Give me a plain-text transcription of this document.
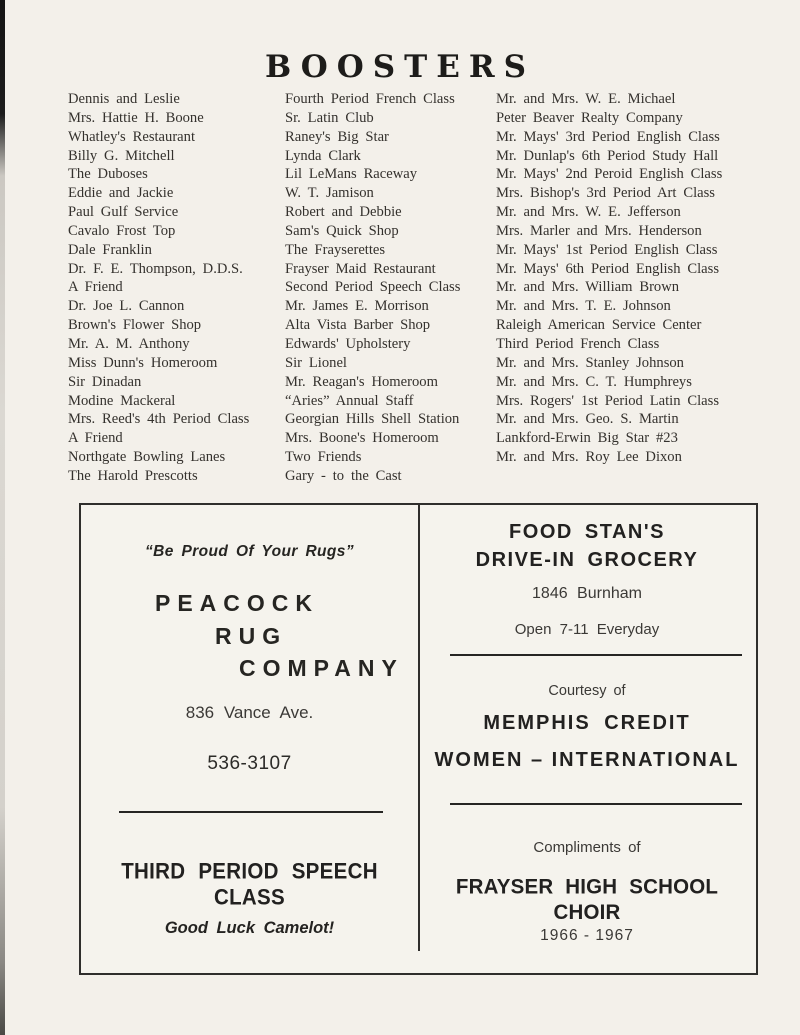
BOOSTERS
Dennis and Leslie
Mrs. Hattie H. Boone
Whatley's Restaurant
Billy G. Mitchell
The Duboses
Eddie and Jackie
Paul Gulf Service
Cavalo Frost Top
Dale Franklin
Dr. F. E. Thompson, D.D.S.
A Friend
Dr. Joe L. Cannon
Brown's Flower Shop
Mr. A. M. Anthony
Miss Dunn's Homeroom
Sir Dinadan
Modine Mackeral
Mrs. Reed's 4th Period Class
A Friend
Northgate Bowling Lanes
The Harold Prescotts
Fourth Period French Class
Sr. Latin Club
Raney's Big Star
Lynda Clark
Lil LeMans Raceway
W. T. Jamison
Robert and Debbie
Sam's Quick Shop
The Frayserettes
Frayser Maid Restaurant
Second Period Speech Class
Mr. James E. Morrison
Alta Vista Barber Shop
Edwards' Upholstery
Sir Lionel
Mr. Reagan's Homeroom
“Aries” Annual Staff
Georgian Hills Shell Station
Mrs. Boone's Homeroom
Two Friends
Gary - to the Cast
Mr. and Mrs. W. E. Michael
Peter Beaver Realty Company
Mr. Mays' 3rd Period English Class
Mr. Dunlap's 6th Period Study Hall
Mr. Mays' 2nd Peroid English Class
Mrs. Bishop's 3rd Period Art Class
Mr. and Mrs. W. E. Jefferson
Mrs. Marler and Mrs. Henderson
Mr. Mays' 1st Period English Class
Mr. Mays' 6th Period English Class
Mr. and Mrs. William Brown
Mr. and Mrs. T. E. Johnson
Raleigh American Service Center
Third Period French Class
Mr. and Mrs. Stanley Johnson
Mr. and Mrs. C. T. Humphreys
Mrs. Rogers' 1st Period Latin Class
Mr. and Mrs. Geo. S. Martin
Lankford-Erwin Big Star #23
Mr. and Mrs. Roy Lee Dixon
“Be Proud Of Your Rugs”
PEACOCK
RUG
COMPANY
836 Vance Ave.
536-3107
THIRD PERIOD SPEECH CLASS
Good Luck Camelot!
FOOD STAN'S
DRIVE-IN GROCERY
1846 Burnham
Open 7-11 Everyday
Courtesy of
MEMPHIS CREDIT
WOMEN – INTERNATIONAL
Compliments of
FRAYSER HIGH SCHOOL CHOIR
1966 - 1967
